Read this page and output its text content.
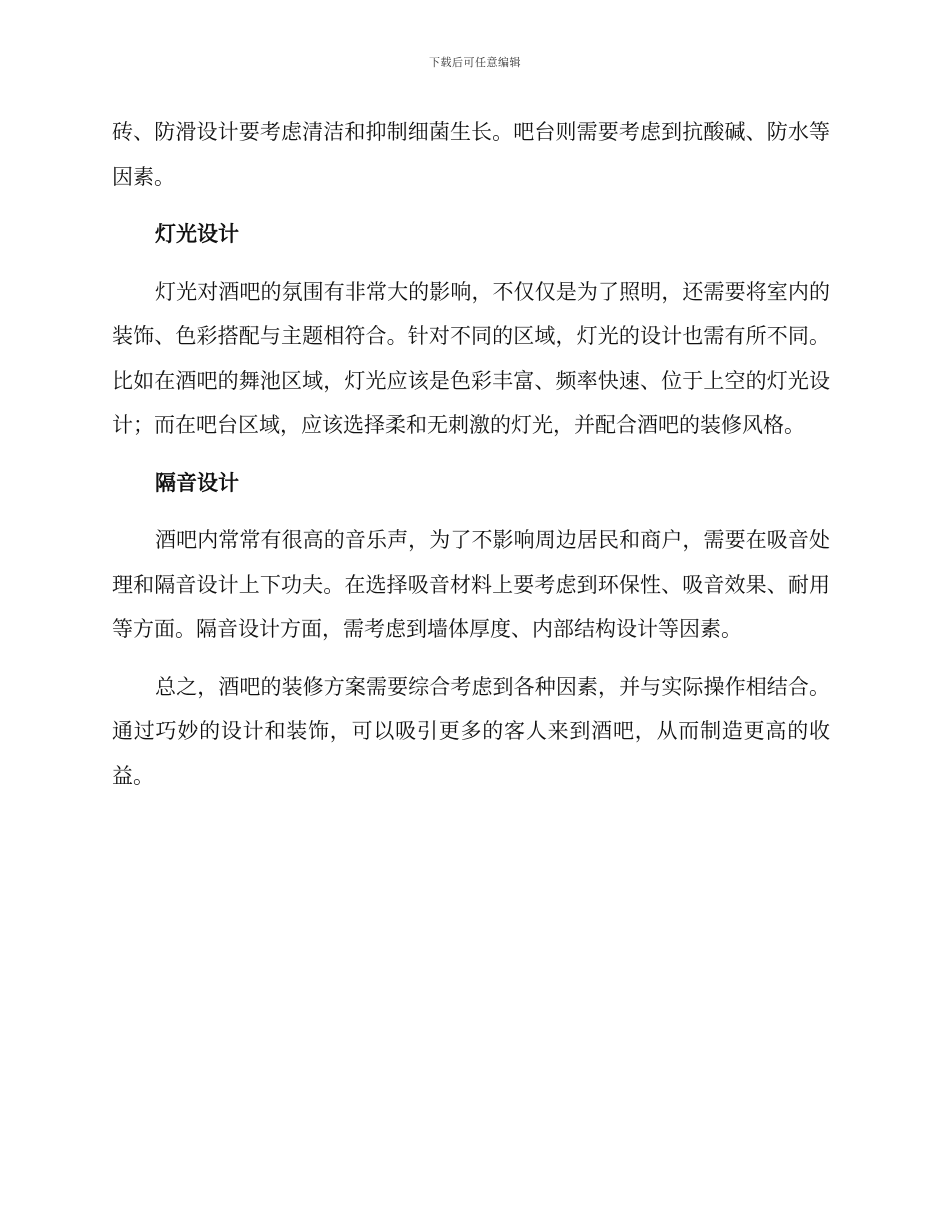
下载后可任意编辑

砖、防滑设计要考虑清洁和抑制细菌生长。吧台则需要考虑到抗酸碱、防水等因素。

灯光设计

灯光对酒吧的氛围有非常大的影响，不仅仅是为了照明，还需要将室内的装饰、色彩搭配与主题相符合。针对不同的区域，灯光的设计也需有所不同。比如在酒吧的舞池区域，灯光应该是色彩丰富、频率快速、位于上空的灯光设计；而在吧台区域，应该选择柔和无刺激的灯光，并配合酒吧的装修风格。

隔音设计

酒吧内常常有很高的音乐声，为了不影响周边居民和商户，需要在吸音处理和隔音设计上下功夫。在选择吸音材料上要考虑到环保性、吸音效果、耐用等方面。隔音设计方面，需考虑到墙体厚度、内部结构设计等因素。

总之，酒吧的装修方案需要综合考虑到各种因素，并与实际操作相结合。通过巧妙的设计和装饰，可以吸引更多的客人来到酒吧，从而制造更高的收益。
